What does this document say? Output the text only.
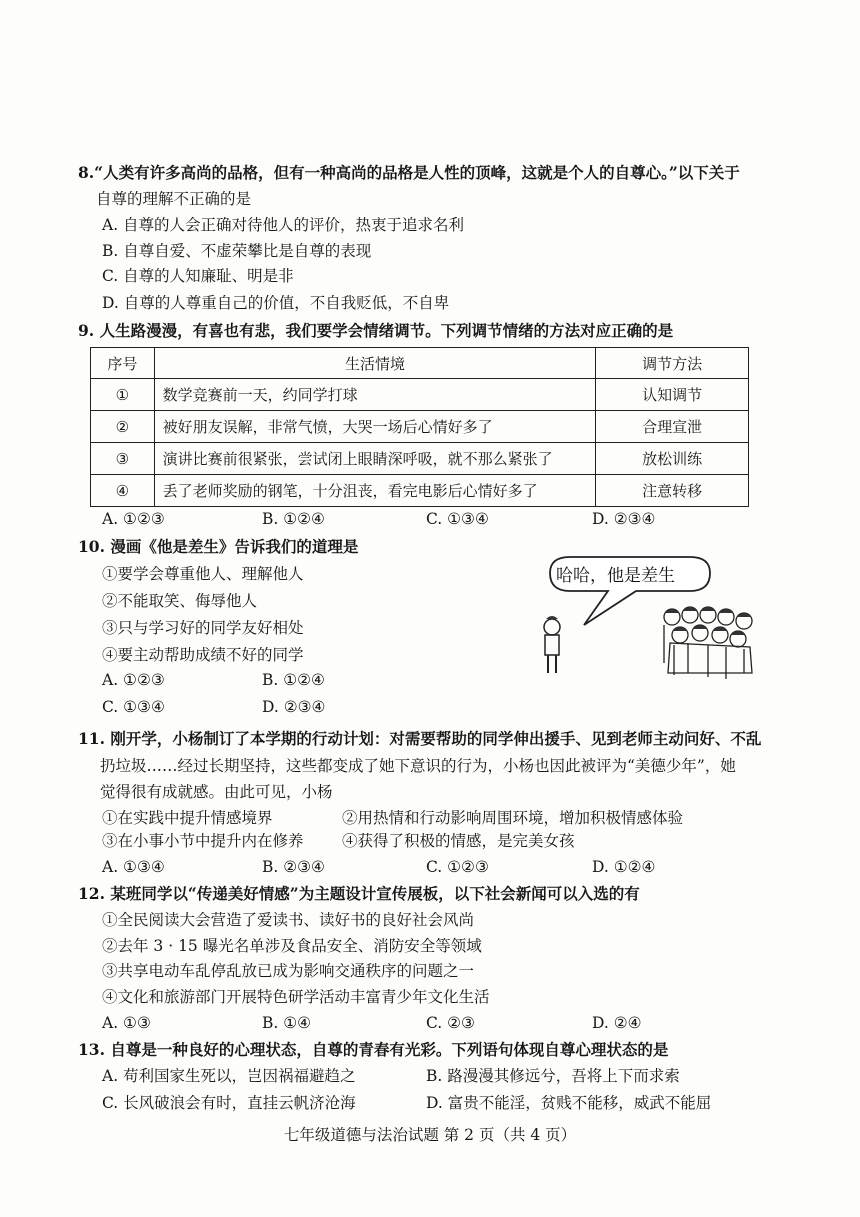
8.“人类有许多高尚的品格，但有一种高尚的品格是人性的顶峰，这就是个人的自尊心。”以下关于
自尊的理解不正确的是
A. 自尊的人会正确对待他人的评价，热衷于追求名利
B. 自尊自爱、不虚荣攀比是自尊的表现
C. 自尊的人知廉耻、明是非
D. 自尊的人尊重自己的价值，不自我贬低，不自卑
9. 人生路漫漫，有喜也有悲，我们要学会情绪调节。下列调节情绪的方法对应正确的是
序号	生活情境	调节方法
①	数学竞赛前一天，约同学打球	认知调节
②	被好朋友误解，非常气愤，大哭一场后心情好多了	合理宣泄
③	演讲比赛前很紧张，尝试闭上眼睛深呼吸，就不那么紧张了	放松训练
④	丢了老师奖励的钢笔，十分沮丧，看完电影后心情好多了	注意转移
A. ①②③	B. ①②④	C. ①③④	D. ②③④
10. 漫画《他是差生》告诉我们的道理是
①要学会尊重他人、理解他人
②不能取笑、侮辱他人
③只与学习好的同学友好相处
④要主动帮助成绩不好的同学
A. ①②③	B. ①②④
C. ①③④	D. ②③④
哈哈，他是差生
11. 刚开学，小杨制订了本学期的行动计划：对需要帮助的同学伸出援手、见到老师主动问好、不乱
扔垃圾……经过长期坚持，这些都变成了她下意识的行为，小杨也因此被评为“美德少年”，她
觉得很有成就感。由此可见，小杨
①在实践中提升情感境界	②用热情和行动影响周围环境，增加积极情感体验
③在小事小节中提升内在修养 ④获得了积极的情感，是完美女孩
A. ①③④	B. ②③④	C. ①②③	D. ①②④
12. 某班同学以“传递美好情感”为主题设计宣传展板，以下社会新闻可以入选的有
①全民阅读大会营造了爱读书、读好书的良好社会风尚
②去年 3 · 15 曝光名单涉及食品安全、消防安全等领域
③共享电动车乱停乱放已成为影响交通秩序的问题之一
④文化和旅游部门开展特色研学活动丰富青少年文化生活
A. ①③	B. ①④	C. ②③	D. ②④
13. 自尊是一种良好的心理状态，自尊的青春有光彩。下列语句体现自尊心理状态的是
A. 苟利国家生死以，岂因祸福避趋之	B. 路漫漫其修远兮，吾将上下而求索
C. 长风破浪会有时，直挂云帆济沧海	D. 富贵不能淫，贫贱不能移，威武不能屈
七年级道德与法治试题 第 2 页（共 4 页）
